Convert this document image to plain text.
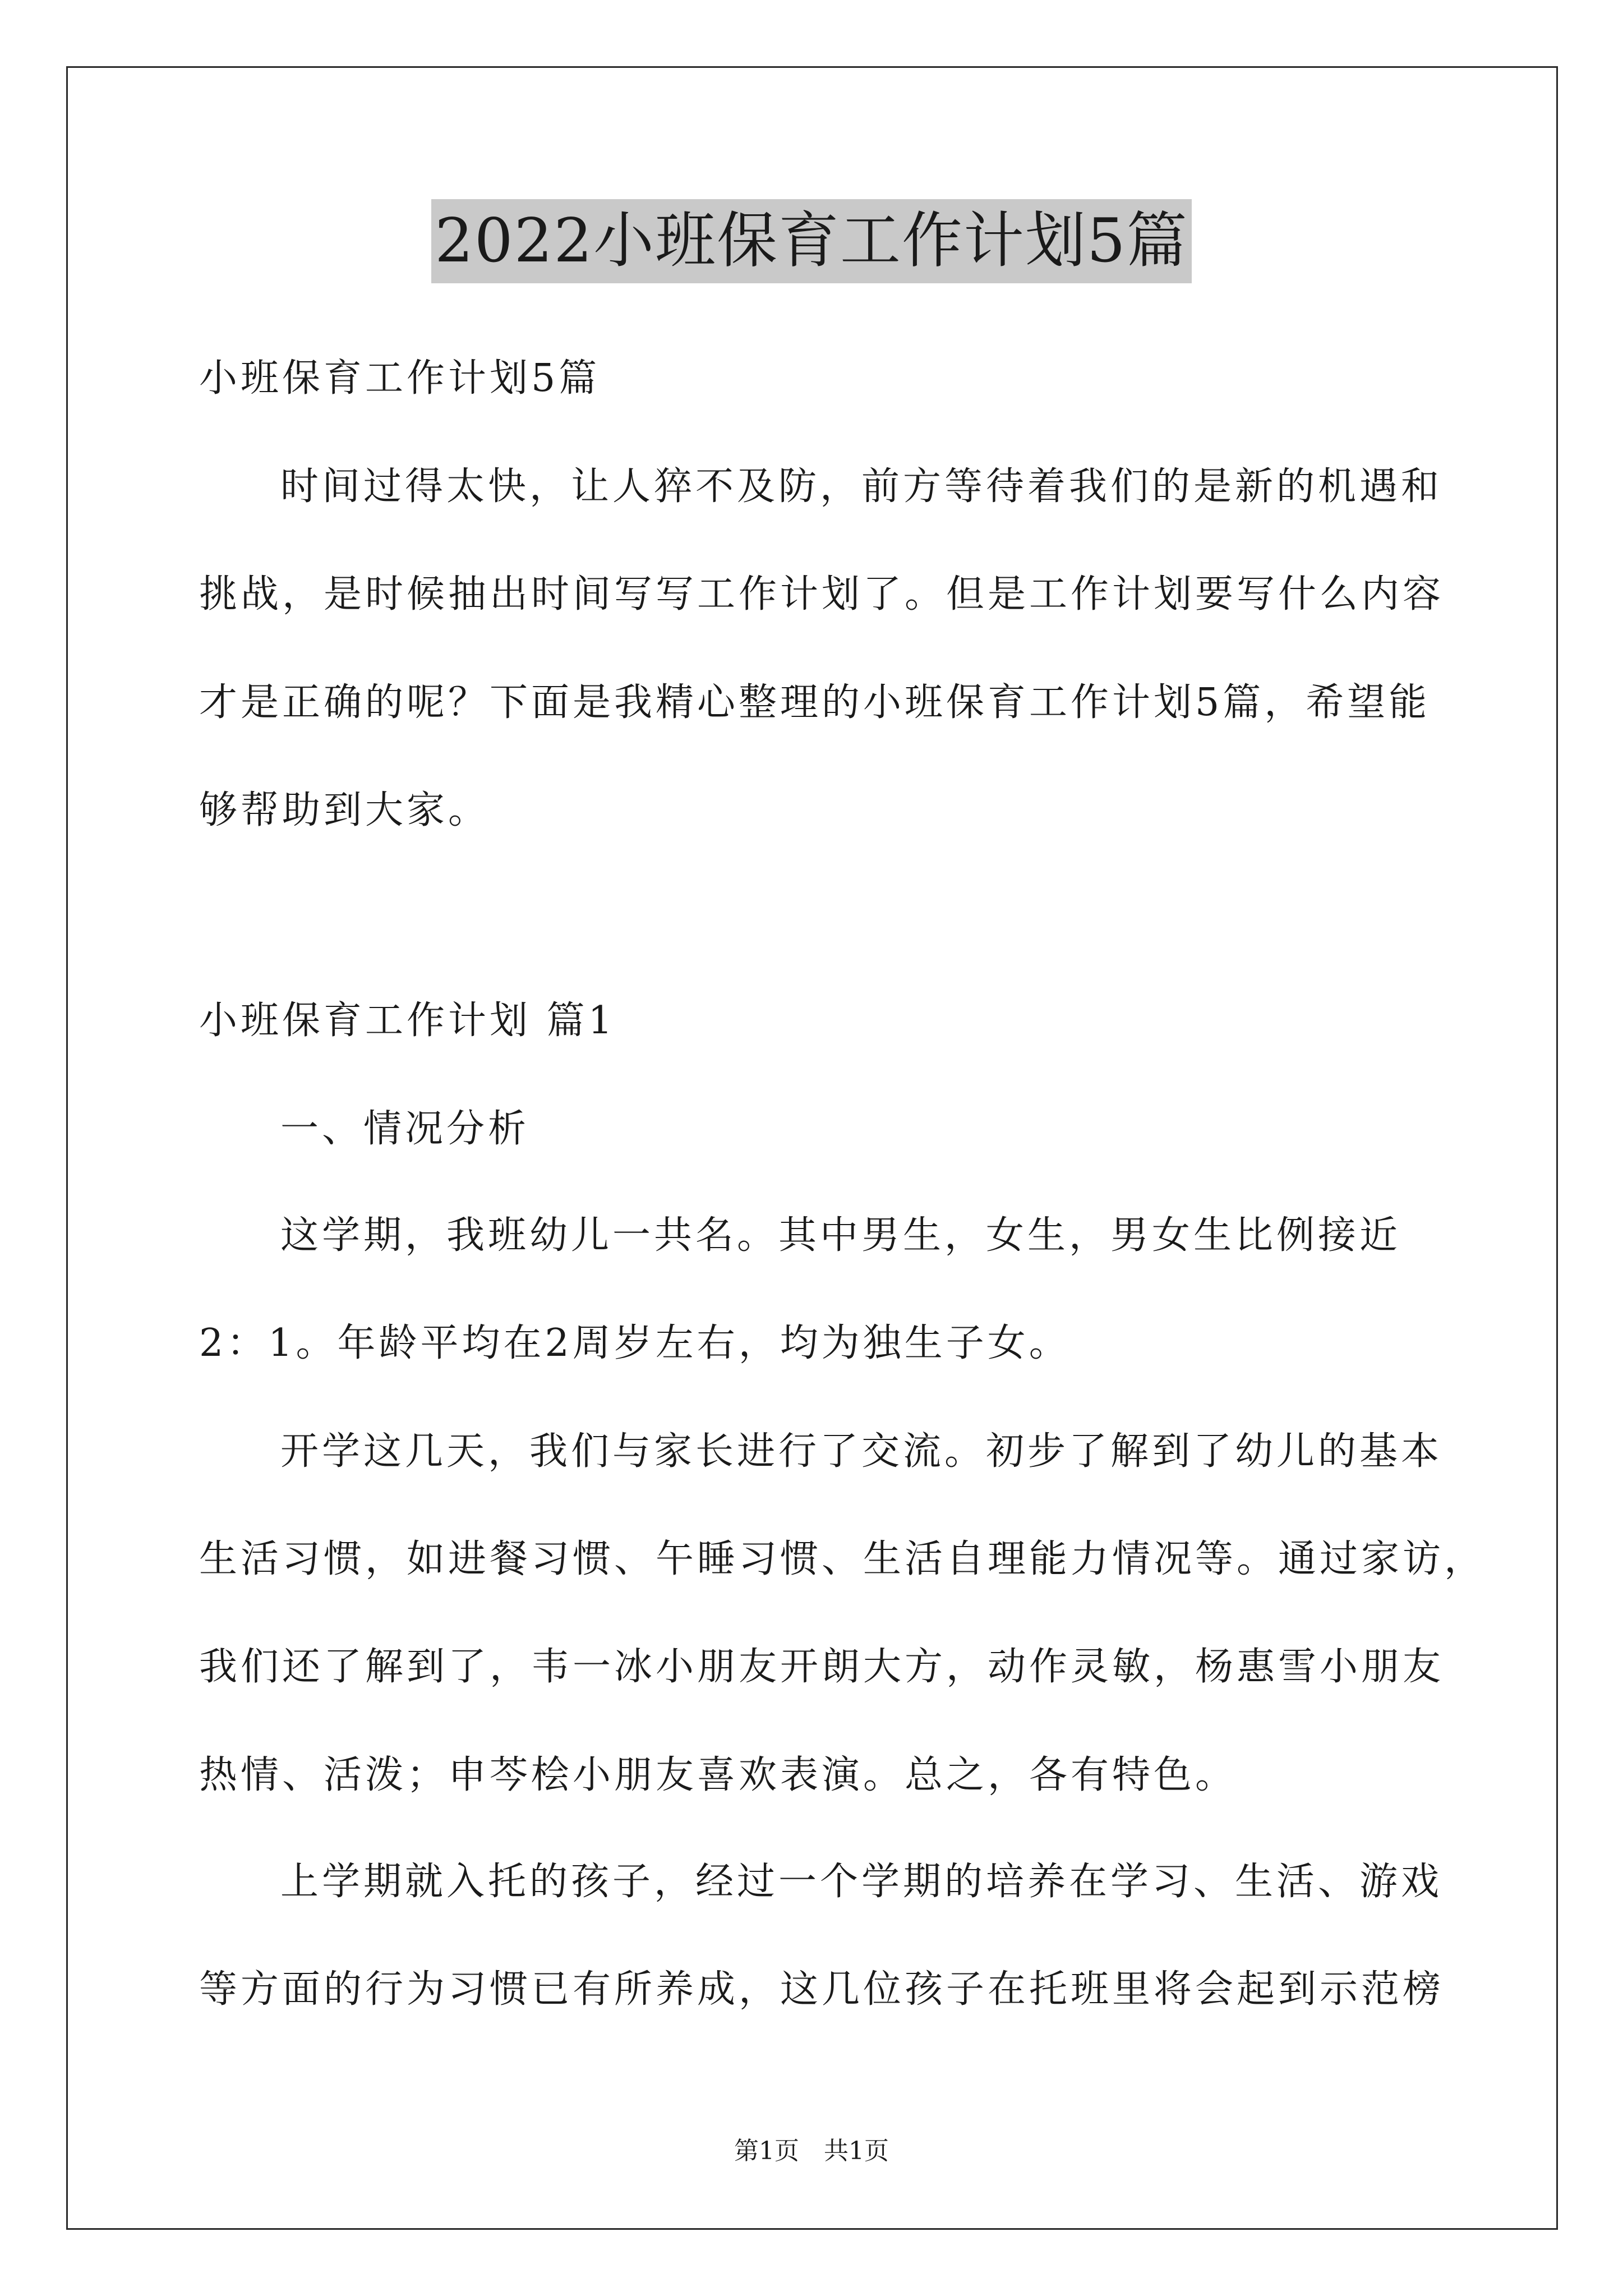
2022小班保育工作计划5篇
小班保育工作计划5篇
时间过得太快，让人猝不及防，前方等待着我们的是新的机遇和
挑战，是时候抽出时间写写工作计划了。但是工作计划要写什么内容
才是正确的呢？下面是我精心整理的小班保育工作计划5篇，希望能
够帮助到大家。
小班保育工作计划 篇1
一、情况分析
这学期，我班幼儿一共名。其中男生，女生，男女生比例接近
2：1。年龄平均在2周岁左右，均为独生子女。
开学这几天，我们与家长进行了交流。初步了解到了幼儿的基本
生活习惯，如进餐习惯、午睡习惯、生活自理能力情况等。通过家访，
我们还了解到了，韦一冰小朋友开朗大方，动作灵敏，杨惠雪小朋友
热情、活泼；申芩桧小朋友喜欢表演。总之，各有特色。
上学期就入托的孩子，经过一个学期的培养在学习、生活、游戏
等方面的行为习惯已有所养成，这几位孩子在托班里将会起到示范榜
第1页　共1页
